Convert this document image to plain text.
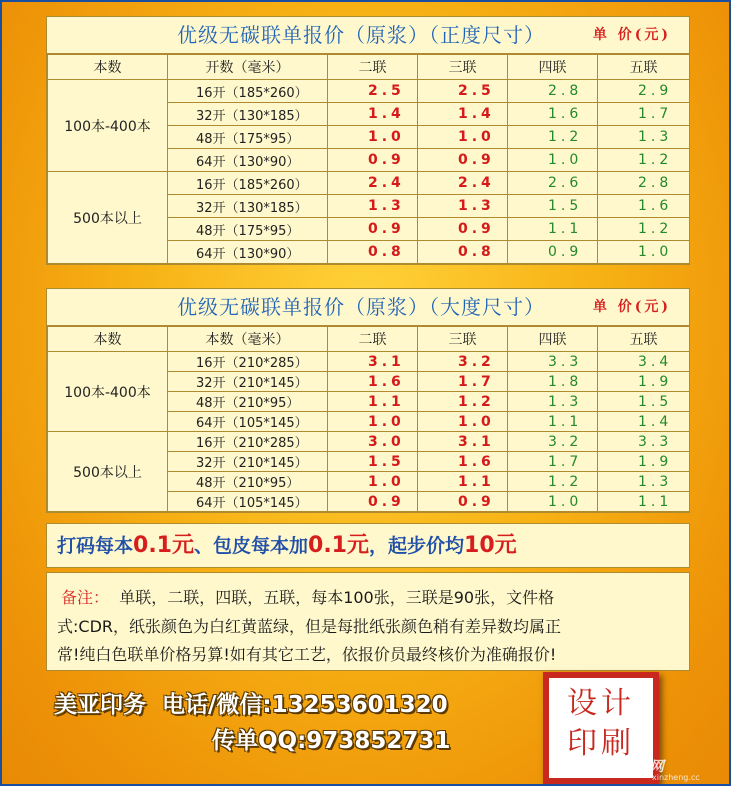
优级无碳联单报价（原浆）（正度尺寸）	单 价(元)
本数	开数（毫米）	二联	三联	四联	五联
100本-400本	16开（185*260）	2.5	2.5	2.8	2.9
	32开（130*185）	1.4	1.4	1.6	1.7
	48开（175*95）	1.0	1.0	1.2	1.3
	64开（130*90）	0.9	0.9	1.0	1.2
500本以上	16开（185*260）	2.4	2.4	2.6	2.8
	32开（130*185）	1.3	1.3	1.5	1.6
	48开（175*95）	0.9	0.9	1.1	1.2
	64开（130*90）	0.8	0.8	0.9	1.0
优级无碳联单报价（原浆）（大度尺寸）	单 价(元)
本数	本数（毫米）	二联	三联	四联	五联
100本-400本	16开（210*285）	3.1	3.2	3.3	3.4
	32开（210*145）	1.6	1.7	1.8	1.9
	48开（210*95）	1.1	1.2	1.3	1.5
	64开（105*145）	1.0	1.0	1.1	1.4
500本以上	16开（210*285）	3.0	3.1	3.2	3.3
	32开（210*145）	1.5	1.6	1.7	1.9
	48开（210*95）	1.0	1.1	1.2	1.3
	64开（105*145）	0.9	0.9	1.0	1.1
打码每本0.1元、包皮每本加0.1元，起步价均10元
备注： 单联，二联，四联，五联，每本100张，三联是90张，文件格
式:CDR，纸张颜色为白红黄蓝绿，但是每批纸张颜色稍有差异数均属正
常!纯白色联单价格另算!如有其它工艺，依报价员最终核价为准确报价!
美亚印务 电话/微信:13253601320
传单QQ:973852731
设计
印刷
新郑网
xinzheng.cc
